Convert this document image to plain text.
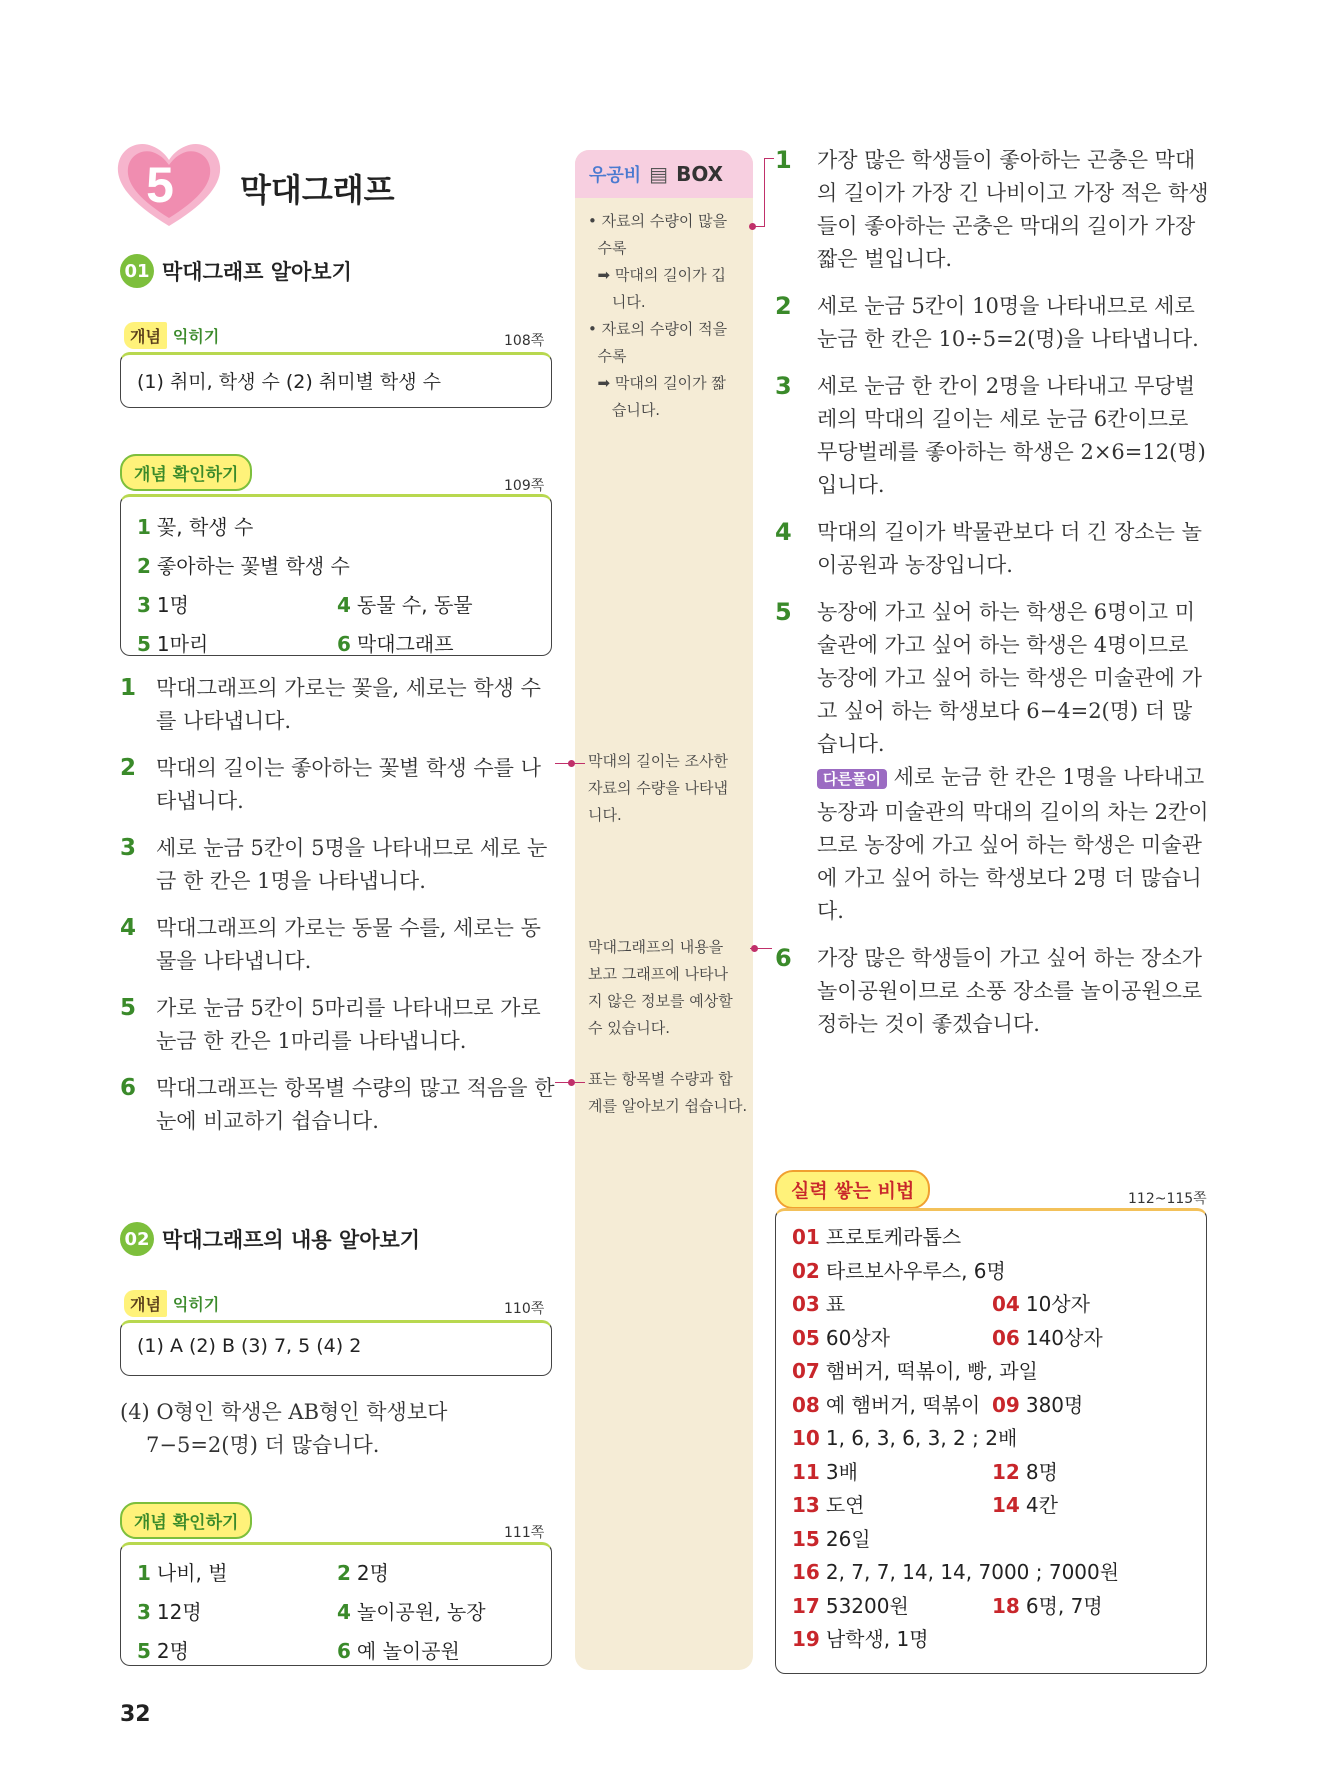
5 막대그래프
01 막대그래프 알아보기
개념 익히기	108쪽
(1) 취미, 학생 수 (2) 취미별 학생 수
개념 확인하기
109쪽
1 꽃, 학생 수
2 좋아하는 꽃별 학생 수
3 1명	4 동물 수, 동물
5 1마리	6 막대그래프
1 막대그래프의 가로는 꽃을, 세로는 학생 수를 나타냅니다.
2 막대의 길이는 좋아하는 꽃별 학생 수를 나타냅니다.
3 세로 눈금 5칸이 5명을 나타내므로 세로 눈금 한 칸은 1명을 나타냅니다.
4 막대그래프의 가로는 동물 수를, 세로는 동물을 나타냅니다.
5 가로 눈금 5칸이 5마리를 나타내므로 가로 눈금 한 칸은 1마리를 나타냅니다.
6 막대그래프는 항목별 수량의 많고 적음을 한눈에 비교하기 쉽습니다.
02 막대그래프의 내용 알아보기
개념 익히기	110쪽
(1) A (2) B (3) 7, 5 (4) 2
(4) O형인 학생은 AB형인 학생보다
7−5=2(명) 더 많습니다.
개념 확인하기	111쪽
1 나비, 벌	2 2명
3 12명	4 놀이공원, 농장
5 2명	6 예 놀이공원
우공비 ▤ BOX
• 자료의 수량이 많을
수록
➡ 막대의 길이가 깁
니다.
• 자료의 수량이 적을
수록
➡ 막대의 길이가 짧
습니다.
막대의 길이는 조사한
자료의 수량을 나타냅
니다.
막대그래프의 내용을
보고 그래프에 나타나
지 않은 정보를 예상할
수 있습니다.
표는 항목별 수량과 합
계를 알아보기 쉽습니다.
1	가장 많은 학생들이 좋아하는 곤충은 막대의 길이가 가장 긴 나비이고 가장 적은 학생들이 좋아하는 곤충은 막대의 길이가 가장 짧은 벌입니다.
2	세로 눈금 5칸이 10명을 나타내므로 세로 눈금 한 칸은 10÷5=2(명)을 나타냅니다.
3	세로 눈금 한 칸이 2명을 나타내고 무당벌레의 막대의 길이는 세로 눈금 6칸이므로 무당벌레를 좋아하는 학생은 2×6=12(명)입니다.
4	막대의 길이가 박물관보다 더 긴 장소는 놀이공원과 농장입니다.
5	농장에 가고 싶어 하는 학생은 6명이고 미술관에 가고 싶어 하는 학생은 4명이므로 농장에 가고 싶어 하는 학생은 미술관에 가고 싶어 하는 학생보다 6−4=2(명) 더 많습니다.
다른풀이 세로 눈금 한 칸은 1명을 나타내고 농장과 미술관의 막대의 길이의 차는 2칸이므로 농장에 가고 싶어 하는 학생은 미술관에 가고 싶어 하는 학생보다 2명 더 많습니다.
6	가장 많은 학생들이 가고 싶어 하는 장소가 놀이공원이므로 소풍 장소를 놀이공원으로 정하는 것이 좋겠습니다.
실력 쌓는 비법	112~115쪽
01 프로토케라톱스
02 타르보사우루스, 6명
03 표	04 10상자
05 60상자	06 140상자
07 햄버거, 떡볶이, 빵, 과일
08 예 햄버거, 떡볶이 09 380명
10 1, 6, 3, 6, 3, 2 ; 2배
11 3배	12 8명
13 도연	14 4칸
15 26일
16 2, 7, 7, 14, 14, 7000 ; 7000원
17 53200원	18 6명, 7명
19 남학생, 1명
32
